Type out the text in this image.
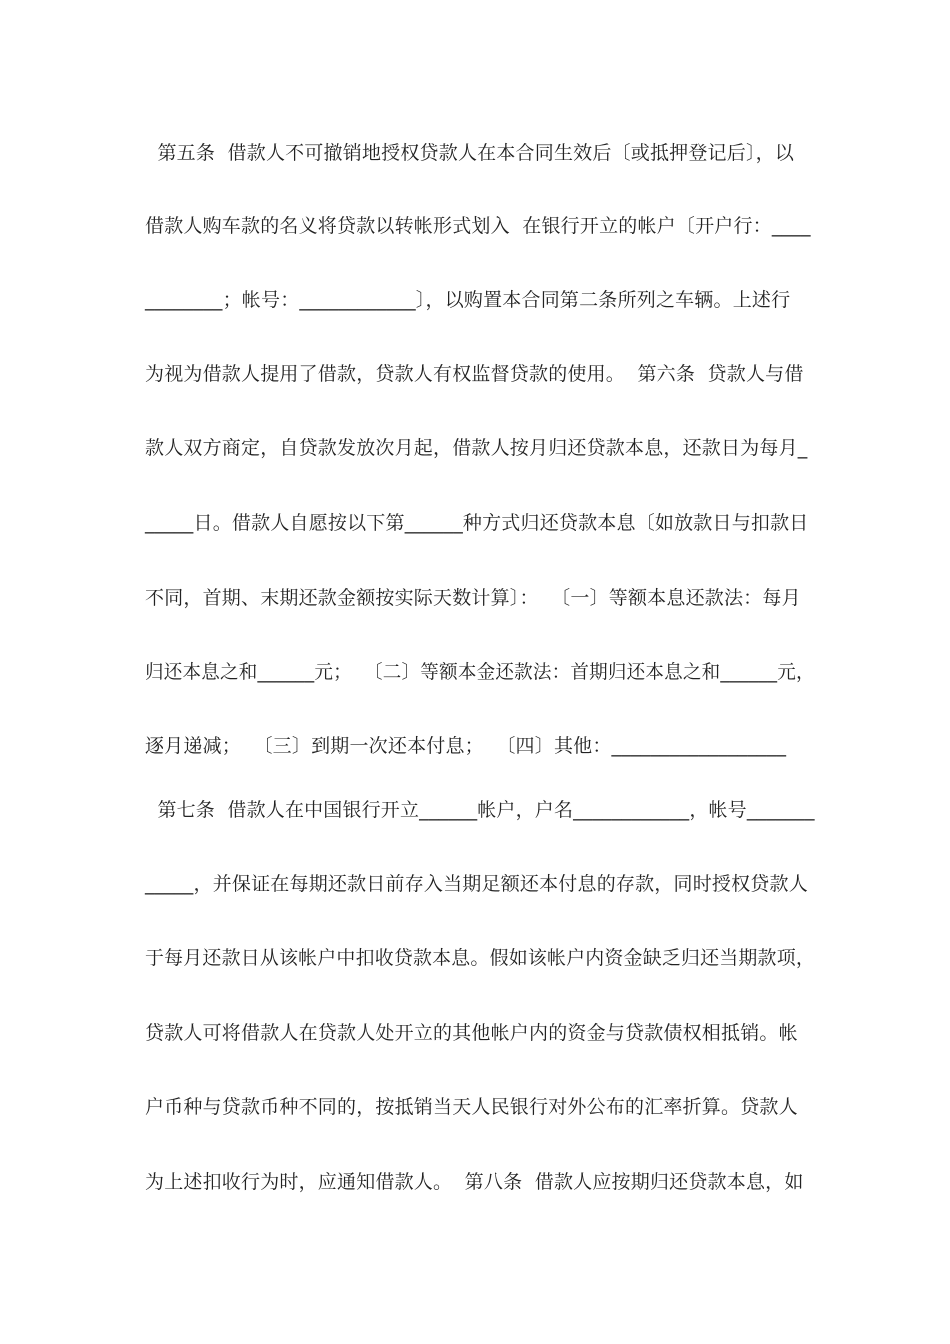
第五条  借款人不可撤销地授权贷款人在本合同生效后〔或抵押登记后〕，以
借款人购车款的名义将贷款以转帐形式划入  在银行开立的帐户〔开户行：____
________；帐号：____________〕，以购置本合同第二条所列之车辆。上述行
为视为借款人提用了借款，贷款人有权监督贷款的使用。  第六条  贷款人与借
款人双方商定，自贷款发放次月起，借款人按月归还贷款本息，还款日为每月_
_____日。借款人自愿按以下第______种方式归还贷款本息〔如放款日与扣款日
不同，首期、末期还款金额按实际天数计算〕：  〔一〕等额本息还款法：每月
归还本息之和______元；  〔二〕等额本金还款法：首期归还本息之和______元，
逐月递减；  〔三〕到期一次还本付息；  〔四〕其他：__________________
第七条  借款人在中国银行开立______帐户，户名____________，帐号_______
_____，并保证在每期还款日前存入当期足额还本付息的存款，同时授权贷款人
于每月还款日从该帐户中扣收贷款本息。假如该帐户内资金缺乏归还当期款项，
贷款人可将借款人在贷款人处开立的其他帐户内的资金与贷款债权相抵销。帐
户币种与贷款币种不同的，按抵销当天人民银行对外公布的汇率折算。贷款人
为上述扣收行为时，应通知借款人。  第八条  借款人应按期归还贷款本息，如
